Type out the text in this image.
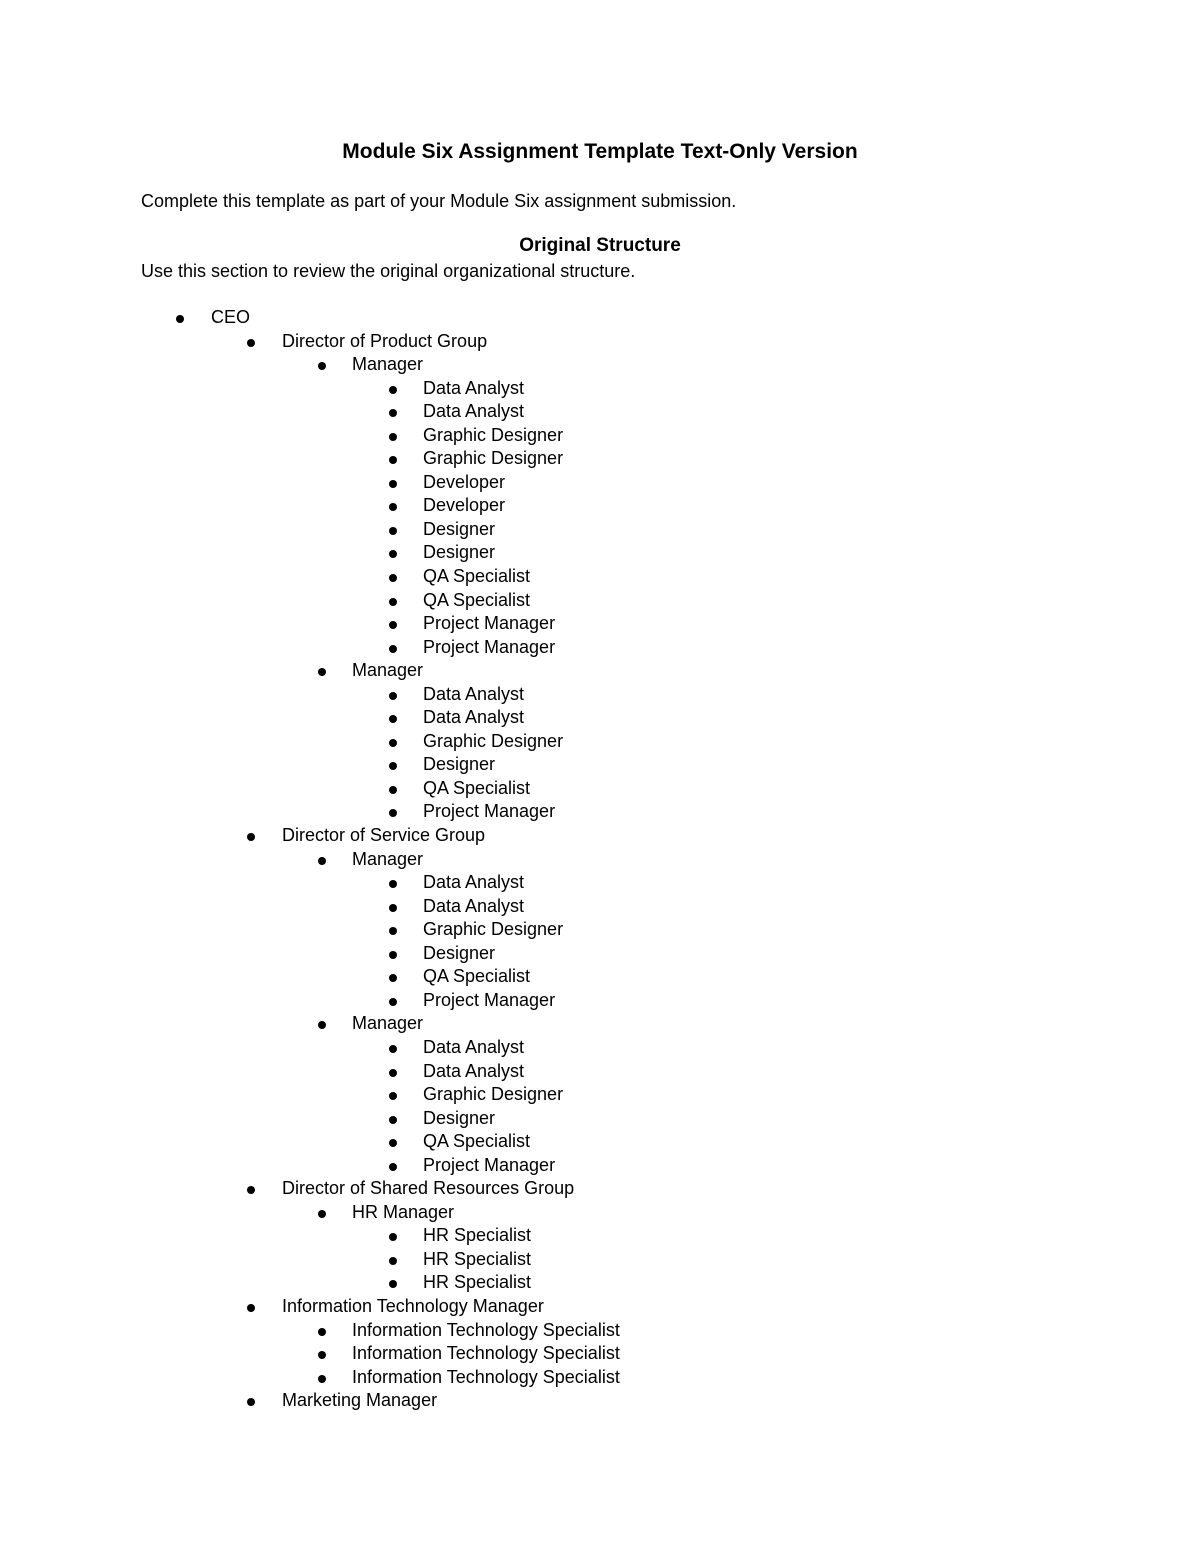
Module Six Assignment Template Text-Only Version
Complete this template as part of your Module Six assignment submission.
Original Structure
Use this section to review the original organizational structure.
CEO
Director of Product Group
Manager
Data Analyst
Data Analyst
Graphic Designer
Graphic Designer
Developer
Developer
Designer
Designer
QA Specialist
QA Specialist
Project Manager
Project Manager
Manager
Data Analyst
Data Analyst
Graphic Designer
Designer
QA Specialist
Project Manager
Director of Service Group
Manager
Data Analyst
Data Analyst
Graphic Designer
Designer
QA Specialist
Project Manager
Manager
Data Analyst
Data Analyst
Graphic Designer
Designer
QA Specialist
Project Manager
Director of Shared Resources Group
HR Manager
HR Specialist
HR Specialist
HR Specialist
Information Technology Manager
Information Technology Specialist
Information Technology Specialist
Information Technology Specialist
Marketing Manager
